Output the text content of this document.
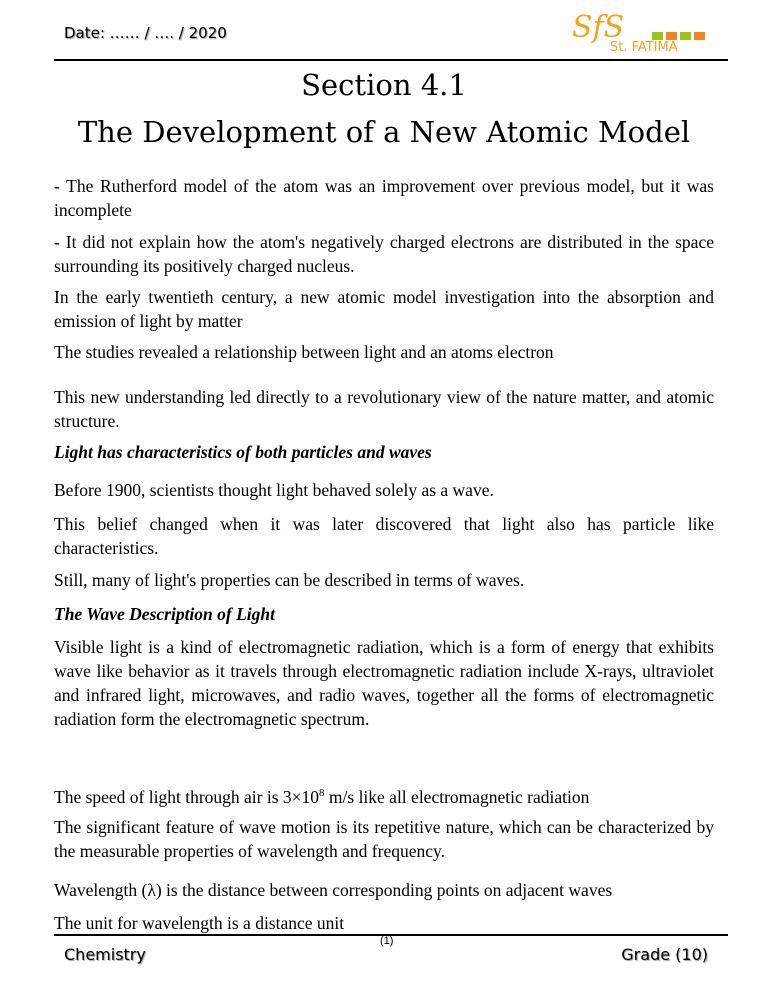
Date: …… / …. / 2020	SfS
St. FATIMA
Section 4.1
The Development of a New Atomic Model
- The Rutherford model of the atom was an improvement over previous model, but it was incomplete
- It did not explain how the atom's negatively charged electrons are distributed in the space surrounding its positively charged nucleus.
In the early twentieth century, a new atomic model investigation into the absorption and emission of light by matter
The studies revealed a relationship between light and an atoms electron
This new understanding led directly to a revolutionary view of the nature matter, and atomic structure.
Light has characteristics of both particles and waves
Before 1900, scientists thought light behaved solely as a wave.
This belief changed when it was later discovered that light also has particle like characteristics.
Still, many of light's properties can be described in terms of waves.
The Wave Description of Light
Visible light is a kind of electromagnetic radiation, which is a form of energy that exhibits wave like behavior as it travels through electromagnetic radiation include X-rays, ultraviolet and infrared light, microwaves, and radio waves, together all the forms of electromagnetic radiation form the electromagnetic spectrum.
The speed of light through air is $3\times 10^8$ m/s like all electromagnetic radiation
The significant feature of wave motion is its repetitive nature, which can be characterized by the measurable properties of wavelength and frequency.
Wavelength (λ) is the distance between corresponding points on adjacent waves
The unit for wavelength is a distance unit
Chemistry
(1)
Grade (10)
